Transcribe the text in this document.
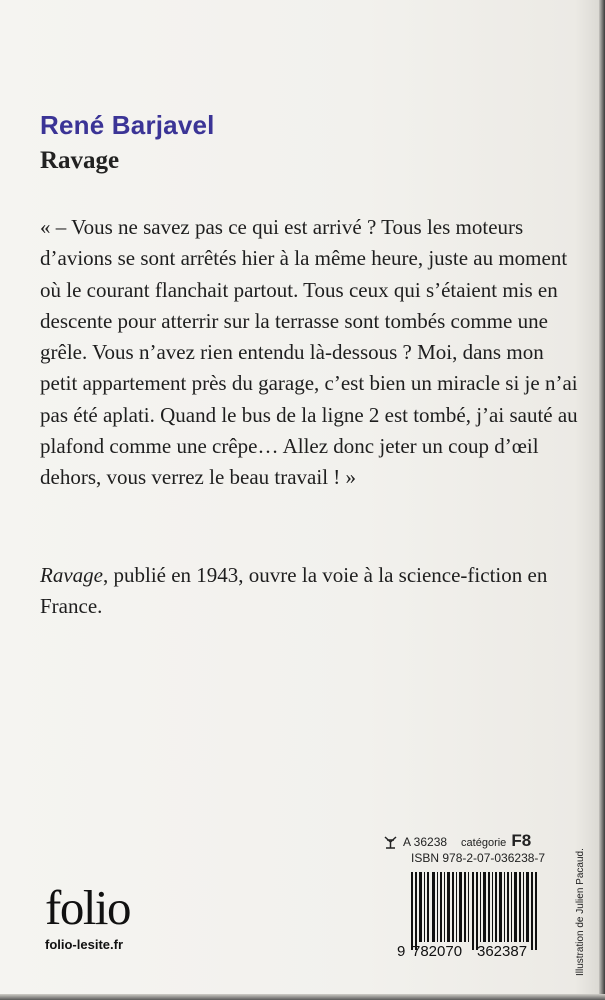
René Barjavel
Ravage

« – Vous ne savez pas ce qui est arrivé ? Tous les moteurs d’avions se sont arrêtés hier à la même heure, juste au moment où le courant flanchait partout. Tous ceux qui s’étaient mis en descente pour atterrir sur la terrasse sont tombés comme une grêle. Vous n’avez rien entendu là-dessous ? Moi, dans mon petit appartement près du garage, c’est bien un miracle si je n’ai pas été aplati. Quand le bus de la ligne 2 est tombé, j’ai sauté au plafond comme une crêpe… Allez donc jeter un coup d’œil dehors, vous verrez le beau travail ! »

Ravage, publié en 1943, ouvre la voie à la science-fiction en France.

A 36238 catégorie F8

ISBN 978-2-07-036238-7

9 782070 362387	Illustration de Julien Pacaud.

folio

folio-lesite.fr
